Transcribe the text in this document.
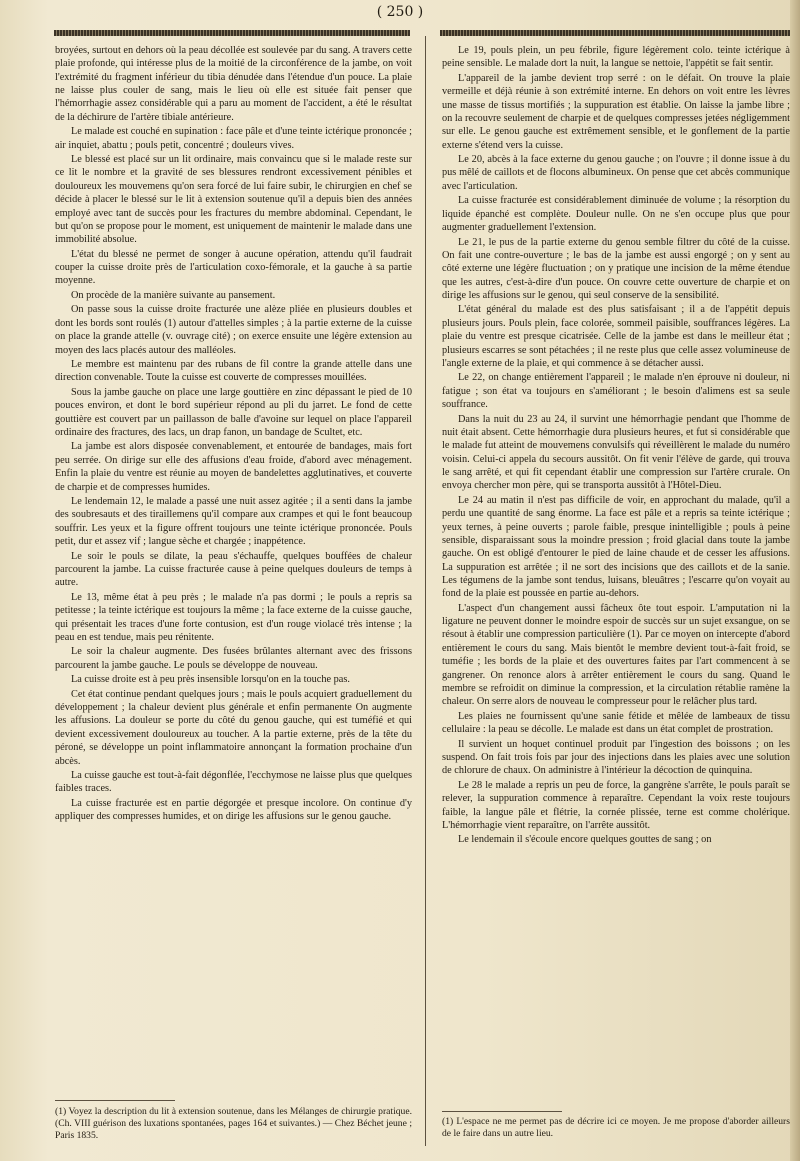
( 250 )

broyées, surtout en dehors où la peau décollée est soulevée par du sang. A travers cette plaie profonde, qui intéresse plus de la moitié de la circonférence de la jambe, on voit l'extrémité du fragment inférieur du tibia dénudée dans l'étendue d'un pouce. La plaie ne laisse plus couler de sang, mais le lieu où elle est située fait penser que l'hémorrhagie assez considérable qui a paru au moment de l'accident, a été le résultat de la déchirure de l'artère tibiale antérieure.

Le malade est couché en supination : face pâle et d'une teinte ictérique prononcée ; air inquiet, abattu ; pouls petit, concentré ; douleurs vives.

Le blessé est placé sur un lit ordinaire, mais convaincu que si le malade reste sur ce lit le nombre et la gravité de ses blessures rendront excessivement pénibles et douloureux les mouvemens qu'on sera forcé de lui faire subir, le chirurgien en chef se décide à placer le blessé sur le lit à extension soutenue qu'il a depuis bien des années employé avec tant de succès pour les fractures du membre abdominal. Cependant, le but qu'on se propose pour le moment, est uniquement de maintenir le malade dans une immobilité absolue.

L'état du blessé ne permet de songer à aucune opération, attendu qu'il faudrait couper la cuisse droite près de l'articulation coxo-fémorale, et la gauche à sa partie moyenne.

On procède de la manière suivante au pansement.

On passe sous la cuisse droite fracturée une alèze pliée en plusieurs doubles et dont les bords sont roulés (1) autour d'attelles simples ; à la partie externe de la cuisse on place la grande attelle (v. ouvrage cité) ; on exerce ensuite une légère extension au moyen des lacs placés autour des malléoles.

Le membre est maintenu par des rubans de fil contre la grande attelle dans une direction convenable. Toute la cuisse est couverte de compresses mouillées.

Sous la jambe gauche on place une large gouttière en zinc dépassant le pied de 10 pouces environ, et dont le bord supérieur répond au pli du jarret. Le fond de cette gouttière est couvert par un paillasson de balle d'avoine sur lequel on place l'appareil ordinaire des fractures, des lacs, un drap fanon, un bandage de Scultet, etc.

La jambe est alors disposée convenablement, et entourée de bandages, mais fort peu serrée. On dirige sur elle des affusions d'eau froide, d'abord avec ménagement. Enfin la plaie du ventre est réunie au moyen de bandelettes agglutinatives, et couverte de charpie et de compresses humides.

Le lendemain 12, le malade a passé une nuit assez agitée ; il a senti dans la jambe des soubresauts et des tiraillemens qu'il compare aux crampes et qui le font beaucoup souffrir. Les yeux et la figure offrent toujours une teinte ictérique prononcée. Pouls petit, dur et assez vif ; langue sèche et chargée ; inappétence.

Le soir le pouls se dilate, la peau s'échauffe, quelques bouffées de chaleur parcourent la jambe. La cuisse fracturée cause à peine quelques douleurs de temps à autre.

Le 13, même état à peu près ; le malade n'a pas dormi ; le pouls a repris sa petitesse ; la teinte ictérique est toujours la même ; la face externe de la cuisse gauche, qui présentait les traces d'une forte contusion, est d'un rouge violacé très intense ; la peau en est tendue, mais peu rénitente.

Le soir la chaleur augmente. Des fusées brûlantes alternant avec des frissons parcourent la jambe gauche. Le pouls se développe de nouveau.

La cuisse droite est à peu près insensible lorsqu'on en la touche pas.

Cet état continue pendant quelques jours ; mais le pouls acquiert graduellement du développement ; la chaleur devient plus générale et enfin permanente On augmente les affusions. La douleur se porte du côté du genou gauche, qui est tuméfié et qui devient excessivement douloureux au toucher. A la partie externe, près de la tête du péroné, se développe un point inflammatoire annonçant la formation prochaine d'un abcès.

La cuisse gauche est tout-à-fait dégonflée, l'ecchymose ne laisse plus que quelques faibles traces.

La cuisse fracturée est en partie dégorgée et presque incolore. On continue d'y appliquer des compresses humides, et on dirige les affusions sur le genou gauche.

Le 19, pouls plein, un peu fébrile, figure légèrement colo. teinte ictérique à peine sensible. Le malade dort la nuit, la langue se nettoie, l'appétit se fait sentir.

L'appareil de la jambe devient trop serré : on le défait. On trouve la plaie vermeille et déjà réunie à son extrémité interne. En dehors on voit entre les lèvres une masse de tissus mortifiés ; la suppuration est établie. On laisse la jambe libre ; on la recouvre seulement de charpie et de quelques compresses jetées négligemment sur elle. Le genou gauche est extrêmement sensible, et le gonflement de la partie externe s'étend vers la cuisse.

Le 20, abcès à la face externe du genou gauche ; on l'ouvre ; il donne issue à du pus mêlé de caillots et de flocons albumineux. On pense que cet abcès communique avec l'articulation.

La cuisse fracturée est considérablement diminuée de volume ; la résorption du liquide épanché est complète. Douleur nulle. On ne s'en occupe plus que pour augmenter graduellement l'extension.

Le 21, le pus de la partie externe du genou semble filtrer du côté de la cuisse. On fait une contre-ouverture ; le bas de la jambe est aussi engorgé ; on y sent au côté externe une légère fluctuation ; on y pratique une incision de la même étendue que les autres, c'est-à-dire d'un pouce. On couvre cette ouverture de charpie et on dirige les affusions sur le genou, qui seul conserve de la sensibilité.

L'état général du malade est des plus satisfaisant ; il a de l'appétit depuis plusieurs jours. Pouls plein, face colorée, sommeil paisible, souffrances légères. La plaie du ventre est presque cicatrisée. Celle de la jambe est dans le meilleur état ; plusieurs escarres se sont pétachées ; il ne reste plus que celle assez volumineuse de l'angle externe de la plaie, et qui commence à se détacher aussi.

Le 22, on change entièrement l'appareil ; le malade n'en éprouve ni douleur, ni fatigue ; son état va toujours en s'améliorant ; le besoin d'alimens est sa seule souffrance.

Dans la nuit du 23 au 24, il survint une hémorrhagie pendant que l'homme de nuit était absent. Cette hémorrhagie dura plusieurs heures, et fut si considérable que le malade fut atteint de mouvemens convulsifs qui réveillèrent le malade du numéro voisin. Celui-ci appela du secours aussitôt. On fit venir l'élève de garde, qui trouva le sang arrêté, et qui fit cependant établir une compression sur l'artère crurale. On envoya chercher mon père, qui se transporta aussitôt à l'Hôtel-Dieu.

Le 24 au matin il n'est pas difficile de voir, en approchant du malade, qu'il a perdu une quantité de sang énorme. La face est pâle et a repris sa teinte ictérique ; yeux ternes, à peine ouverts ; parole faible, presque inintelligible ; pouls à peine sensible, disparaissant sous la moindre pression ; froid glacial dans toute la jambe gauche. On est obligé d'entourer le pied de laine chaude et de cesser les affusions. La suppuration est arrêtée ; il ne sort des incisions que des caillots et de la sanie. Les tégumens de la jambe sont tendus, luisans, bleuâtres ; l'escarre qu'on voyait au fond de la plaie est poussée en partie au-dehors.

L'aspect d'un changement aussi fâcheux ôte tout espoir. L'amputation ni la ligature ne peuvent donner le moindre espoir de succès sur un sujet exsangue, on se résout à établir une compression particulière (1). Par ce moyen on intercepte d'abord entièrement le cours du sang. Mais bientôt le membre devient tout-à-fait froid, se tuméfie ; les bords de la plaie et des ouvertures faites par l'art commencent à se gangrener. On renonce alors à arrêter entièrement le cours du sang. Quand le membre se refroidit on diminue la compression, et la circulation rétablie ramène la chaleur. On serre alors de nouveau le compresseur pour le relâcher plus tard.

Les plaies ne fournissent qu'une sanie fétide et mêlée de lambeaux de tissu cellulaire : la peau se décolle. Le malade est dans un état complet de prostration.

Il survient un hoquet continuel produit par l'ingestion des boissons ; on les suspend. On fait trois fois par jour des injections dans les plaies avec une solution de chlorure de chaux. On administre à l'intérieur la décoction de quinquina.

Le 28 le malade a repris un peu de force, la gangrène s'arrête, le pouls paraît se relever, la suppuration commence à reparaître. Cependant la voix reste toujours faible, la langue pâle et flétrie, la cornée plissée, terne est comme cholérique. L'hémorrhagie vient reparaître, on l'arrête aussitôt.

Le lendemain il s'écoule encore quelques gouttes de sang ; on

(1) Voyez la description du lit à extension soutenue, dans les Mélanges de chirurgie pratique. (Ch. VIII guérison des luxations spontanées, pages 164 et suivantes.) — Chez Béchet jeune ; Paris 1835.
(1) L'espace ne me permet pas de décrire ici ce moyen. Je me propose d'aborder ailleurs de le faire dans un autre lieu.
